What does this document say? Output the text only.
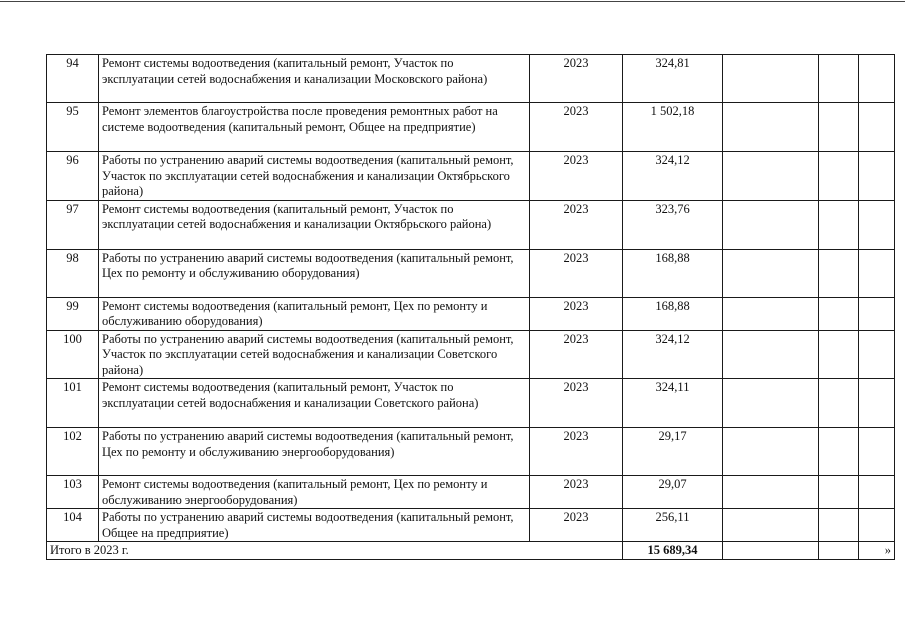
94	Ремонт системы водоотведения (капитальный ремонт, Участок по эксплуатации сетей водоснабжения и канализации Московского района)	2023	324,81			
95	Ремонт элементов благоустройства после проведения ремонтных работ на системе водоотведения (капитальный ремонт, Общее на предприятие)	2023	1 502,18			
96	Работы по устранению аварий системы водоотведения (капитальный ремонт, Участок по эксплуатации сетей водоснабжения и канализации Октябрьского района)	2023	324,12			
97	Ремонт системы водоотведения (капитальный ремонт, Участок по эксплуатации сетей водоснабжения и канализации Октябрьского района)	2023	323,76			
98	Работы по устранению аварий системы водоотведения (капитальный ремонт, Цех по ремонту и обслуживанию оборудования)	2023	168,88			
99	Ремонт системы водоотведения (капитальный ремонт, Цех по ремонту и обслуживанию оборудования)	2023	168,88			
100	Работы по устранению аварий системы водоотведения (капитальный ремонт, Участок по эксплуатации сетей водоснабжения и канализации Советского района)	2023	324,12			
101	Ремонт системы водоотведения (капитальный ремонт, Участок по эксплуатации сетей водоснабжения и канализации Советского района)	2023	324,11			
102	Работы по устранению аварий системы водоотведения (капитальный ремонт, Цех по ремонту и обслуживанию энергооборудования)	2023	29,17			
103	Ремонт системы водоотведения (капитальный ремонт, Цех по ремонту и обслуживанию энергооборудования)	2023	29,07			
104	Работы по устранению аварий системы водоотведения (капитальный ремонт, Общее на предприятие)	2023	256,11			
Итого в 2023 г.			15 689,34			»
